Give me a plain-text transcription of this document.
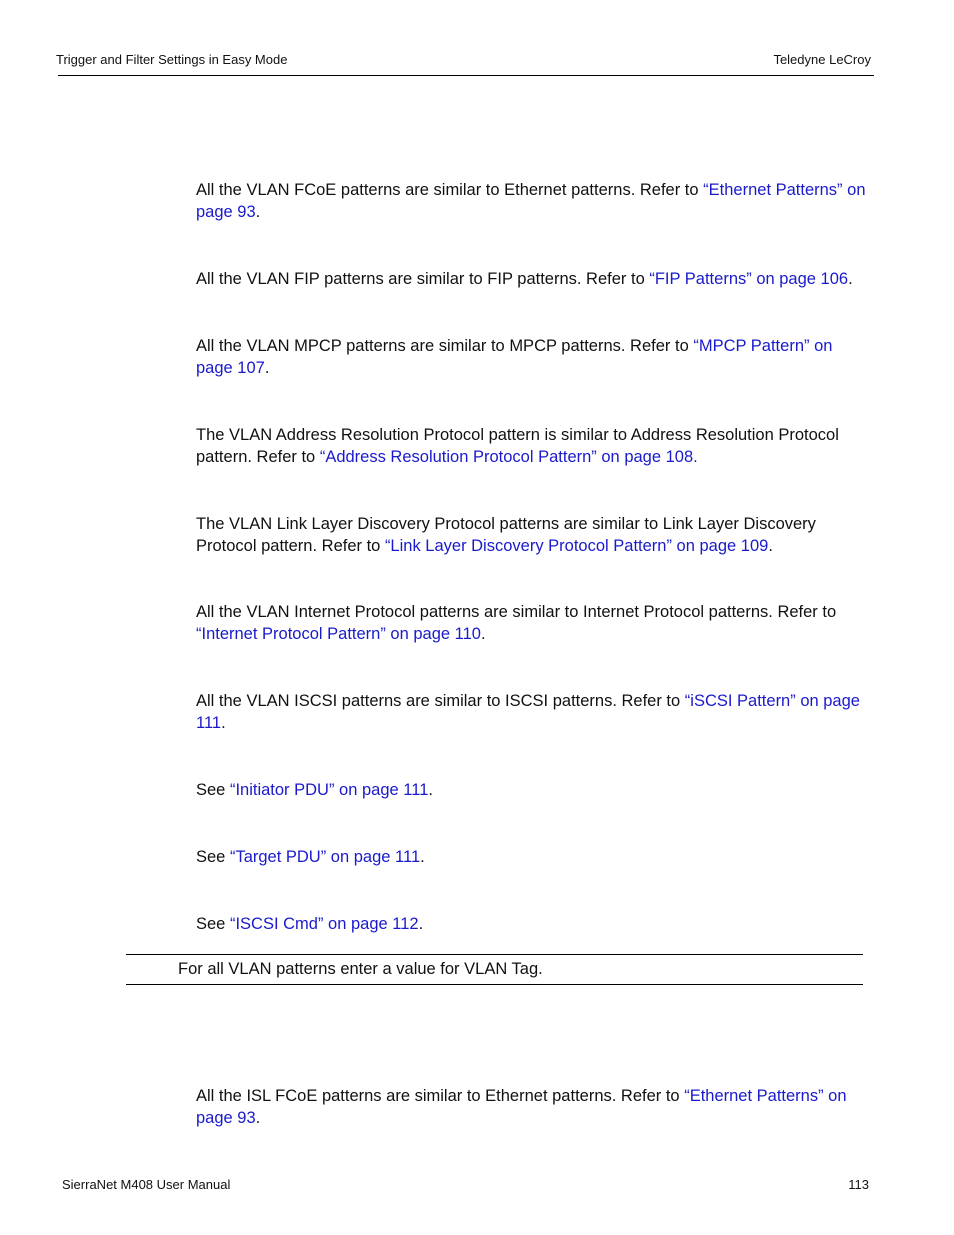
Trigger and Filter Settings in Easy Mode	Teledyne LeCroy
All the VLAN FCoE patterns are similar to Ethernet patterns. Refer to “Ethernet Patterns” on page 93.
All the VLAN FIP patterns are similar to FIP patterns. Refer to “FIP Patterns” on page 106.
All the VLAN MPCP patterns are similar to MPCP patterns. Refer to “MPCP Pattern” on page 107.
The VLAN Address Resolution Protocol pattern is similar to Address Resolution Protocol pattern. Refer to “Address Resolution Protocol Pattern” on page 108.
The VLAN Link Layer Discovery Protocol patterns are similar to Link Layer Discovery Protocol pattern. Refer to “Link Layer Discovery Protocol Pattern” on page 109.
All the VLAN Internet Protocol patterns are similar to Internet Protocol patterns. Refer to “Internet Protocol Pattern” on page 110.
All the VLAN ISCSI patterns are similar to ISCSI patterns. Refer to “iSCSI Pattern” on page 111.
See “Initiator PDU” on page 111.
See “Target PDU” on page 111.
See “ISCSI Cmd” on page 112.
For all VLAN patterns enter a value for VLAN Tag.
All the ISL FCoE patterns are similar to Ethernet patterns. Refer to “Ethernet Patterns” on page 93.
SierraNet M408 User Manual	113
